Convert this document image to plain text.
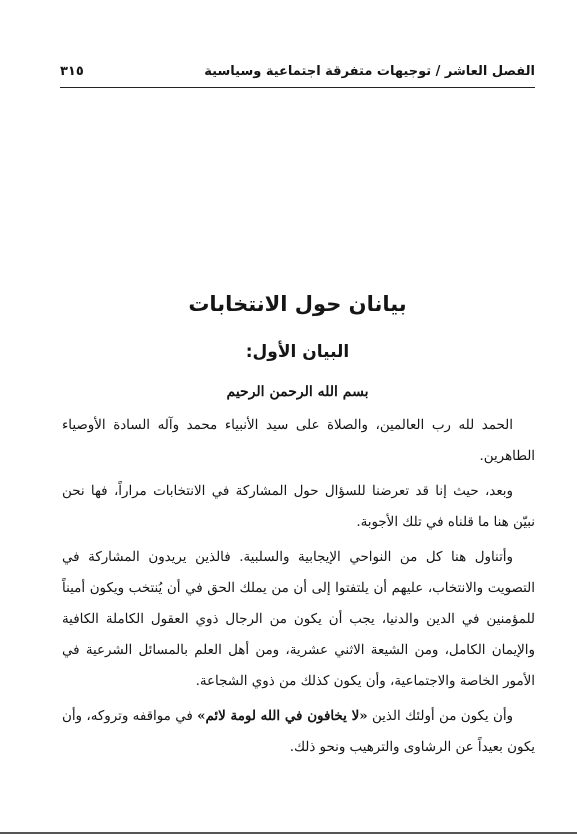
الفصل العاشر / توجيهات متفرقة اجتماعية وسياسية
٣١٥
بيانان حول الانتخابات
البيان الأول:
بسم الله الرحمن الرحيم

الحمد لله رب العالمين، والصلاة على سيد الأنبياء محمد وآله السادة الأوصياء الطاهرين.

وبعد، حيث إنا قد تعرضنا للسؤال حول المشاركة في الانتخابات مراراً، فها نحن نبيّن هنا ما قلناه في تلك الأجوبة.

وأتناول هنا كل من النواحي الإيجابية والسلبية. فالذين يريدون المشاركة في التصويت والانتخاب، عليهم أن يلتفتوا إلى أن من يملك الحق في أن يُنتخب ويكون أميناً للمؤمنين في الدين والدنيا، يجب أن يكون من الرجال ذوي العقول الكاملة الكافية والإيمان الكامل، ومن الشيعة الاثني عشرية، ومن أهل العلم بالمسائل الشرعية في الأمور الخاصة والاجتماعية، وأن يكون كذلك من ذوي الشجاعة.

وأن يكون من أولئك الذين «لا يخافون في الله لومة لائم» في مواقفه وتروكه، وأن يكون بعيداً عن الرشاوى والترهيب ونحو ذلك.
